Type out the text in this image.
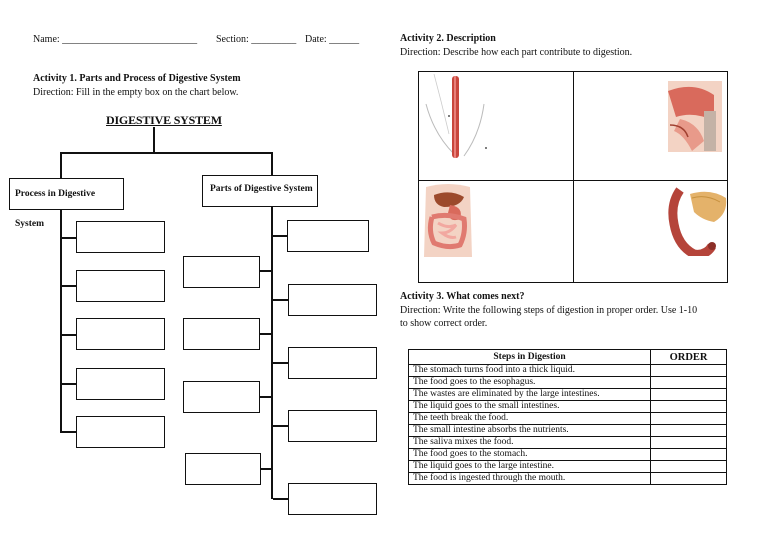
Name: ___________________________ Section: _________ Date: ______
Activity 1. Parts and Process of Digestive System
Direction: Fill in the empty box on the chart below.
DIGESTIVE SYSTEM
Process in Digestive System
Parts of Digestive System
Activity 2. Description
Direction: Describe how each part contribute to digestion.
Activity 3. What comes next?
Direction: Write the following steps of digestion in proper order. Use 1-10
to show correct order.
Steps in Digestion	ORDER
The stomach turns food into a thick liquid.	
The food goes to the esophagus.	
The wastes are eliminated by the large intestines.	
The liquid goes to the small intestines.	
The teeth break the food.	
The small intestine absorbs the nutrients.	
The saliva mixes the food.	
The food goes to the stomach.	
The liquid goes to the large intestine.	
The food is ingested through the mouth.	
